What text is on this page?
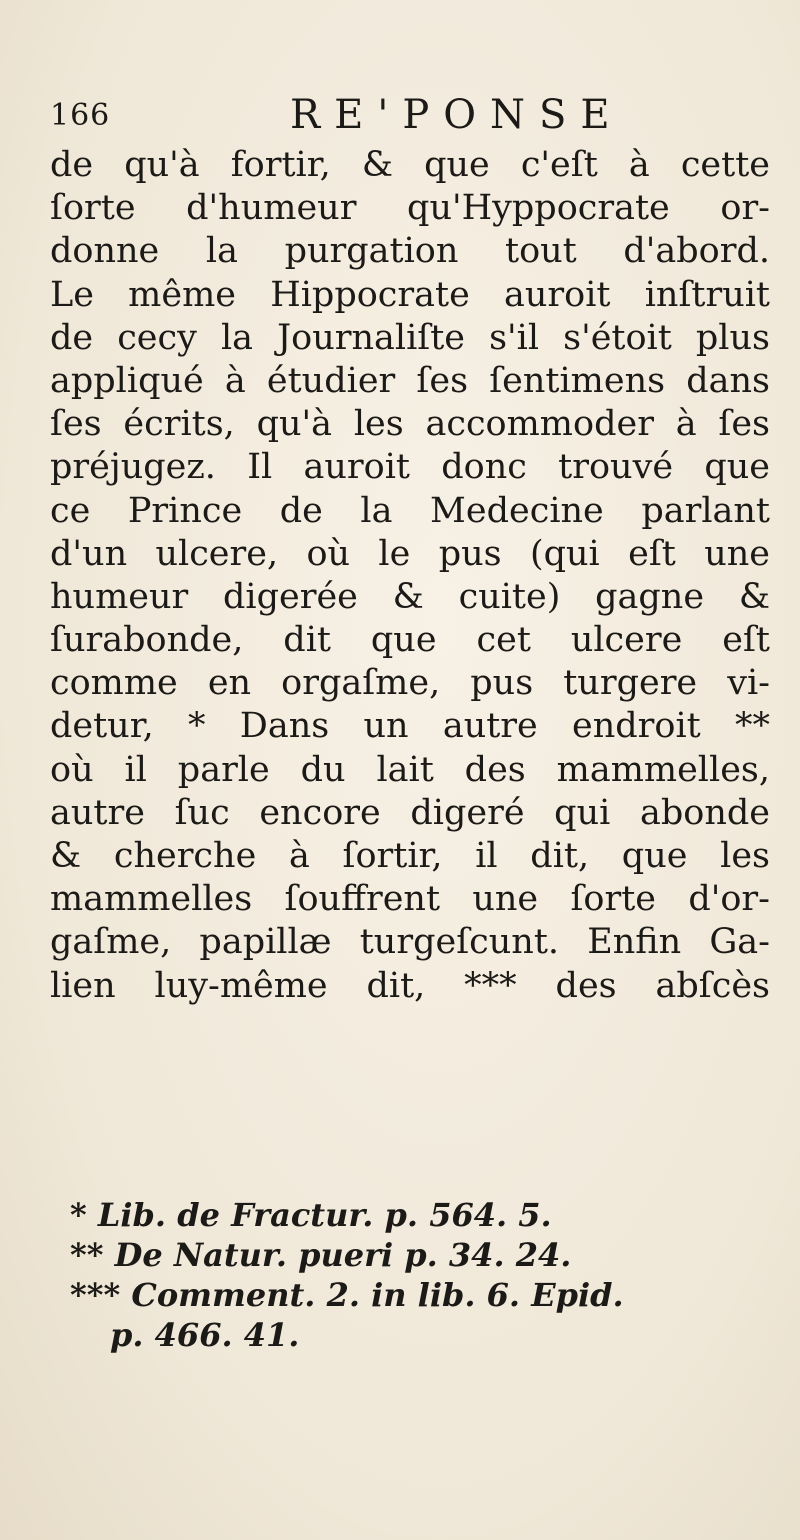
166	RE'PONSE
de qu'à fortir, & que c'eſt à cette
ſorte d'humeur qu'Hyppocrate or-
donne la purgation tout d'abord.
Le même Hippocrate auroit inſtruit
de cecy la Journaliſte s'il s'étoit plus
appliqué à étudier ſes ſentimens dans
ſes écrits, qu'à les accommoder à ſes
préjugez. Il auroit donc trouvé que
ce Prince de la Medecine parlant
d'un ulcere, où le pus (qui eſt une
humeur digerée & cuite) gagne &
ſurabonde, dit que cet ulcere eſt
comme en orgaſme, pus turgere vi-
detur, * Dans un autre endroit **
où il parle du lait des mammelles,
autre ſuc encore digeré qui abonde
& cherche à ſortir, il dit, que les
mammelles ſouffrent une ſorte d'or-
gaſme, papillæ turgeſcunt. Enfin Ga-
lien luy-même dit, *** des abſcès
* Lib. de Fractur. p. 564. 5.
** De Natur. pueri p. 34. 24.
*** Comment. 2. in lib. 6. Epid.
p. 466. 41.
